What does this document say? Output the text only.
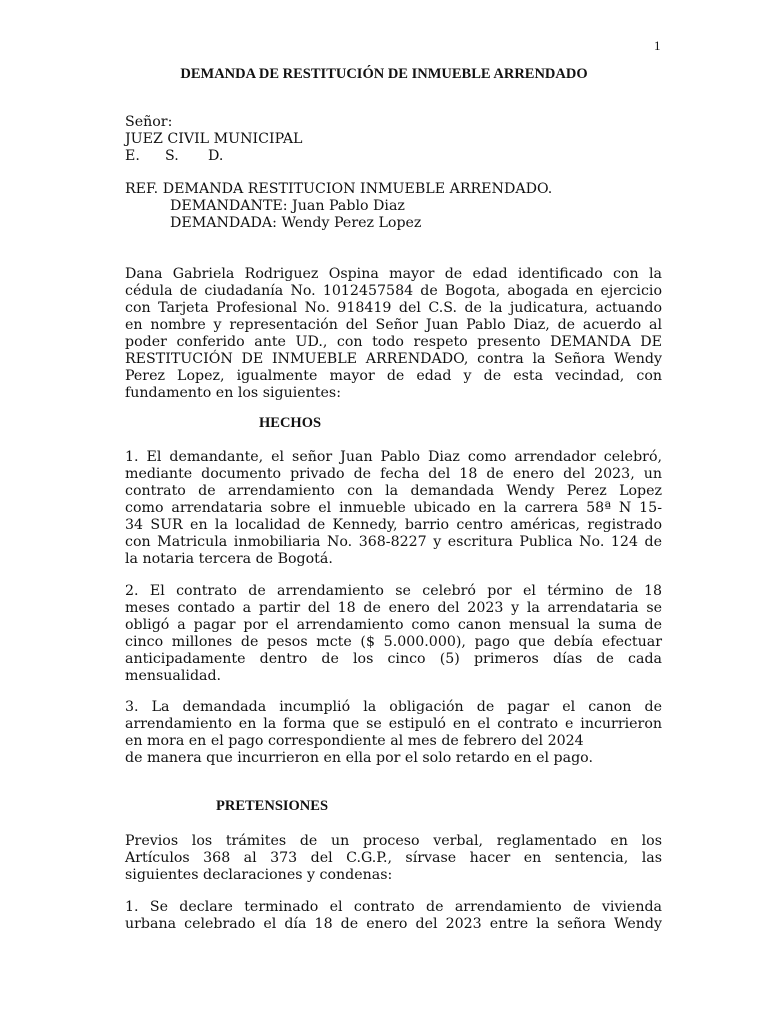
1
DEMANDA DE RESTITUCIÓN DE INMUEBLE ARRENDADO
Señor:
JUEZ CIVIL MUNICIPAL
E. S. D.
REF. DEMANDA RESTITUCION INMUEBLE ARRENDADO.
DEMANDANTE: Juan Pablo Diaz
DEMANDADA: Wendy Perez Lopez
Dana Gabriela Rodriguez Ospina mayor de edad identificado con la
cédula de ciudadanía No. 1012457584 de Bogota, abogada en ejercicio
con Tarjeta Profesional No. 918419 del C.S. de la judicatura, actuando
en nombre y representación del Señor Juan Pablo Diaz, de acuerdo al
poder conferido ante UD., con todo respeto presento DEMANDA DE
RESTITUCIÓN DE INMUEBLE ARRENDADO, contra la Señora Wendy
Perez Lopez, igualmente mayor de edad y de esta vecindad, con
fundamento en los siguientes:
HECHOS
1. El demandante, el señor Juan Pablo Diaz como arrendador celebró,
mediante documento privado de fecha del 18 de enero del 2023, un
contrato de arrendamiento con la demandada Wendy Perez Lopez
como arrendataria sobre el inmueble ubicado en la carrera 58ª N 15-
34 SUR en la localidad de Kennedy, barrio centro américas, registrado
con Matricula inmobiliaria No. 368-8227 y escritura Publica No. 124 de
la notaria tercera de Bogotá.
2. El contrato de arrendamiento se celebró por el término de 18
meses contado a partir del 18 de enero del 2023 y la arrendataria se
obligó a pagar por el arrendamiento como canon mensual la suma de
cinco millones de pesos mcte ($ 5.000.000), pago que debía efectuar
anticipadamente dentro de los cinco (5) primeros días de cada
mensualidad.
3. La demandada incumplió la obligación de pagar el canon de
arrendamiento en la forma que se estipuló en el contrato e incurrieron
en mora en el pago correspondiente al mes de febrero del 2024
de manera que incurrieron en ella por el solo retardo en el pago.
PRETENSIONES
Previos los trámites de un proceso verbal, reglamentado en los
Artículos 368 al 373 del C.G.P., sírvase hacer en sentencia, las
siguientes declaraciones y condenas:
1. Se declare terminado el contrato de arrendamiento de vivienda
urbana celebrado el día 18 de enero del 2023 entre la señora Wendy
